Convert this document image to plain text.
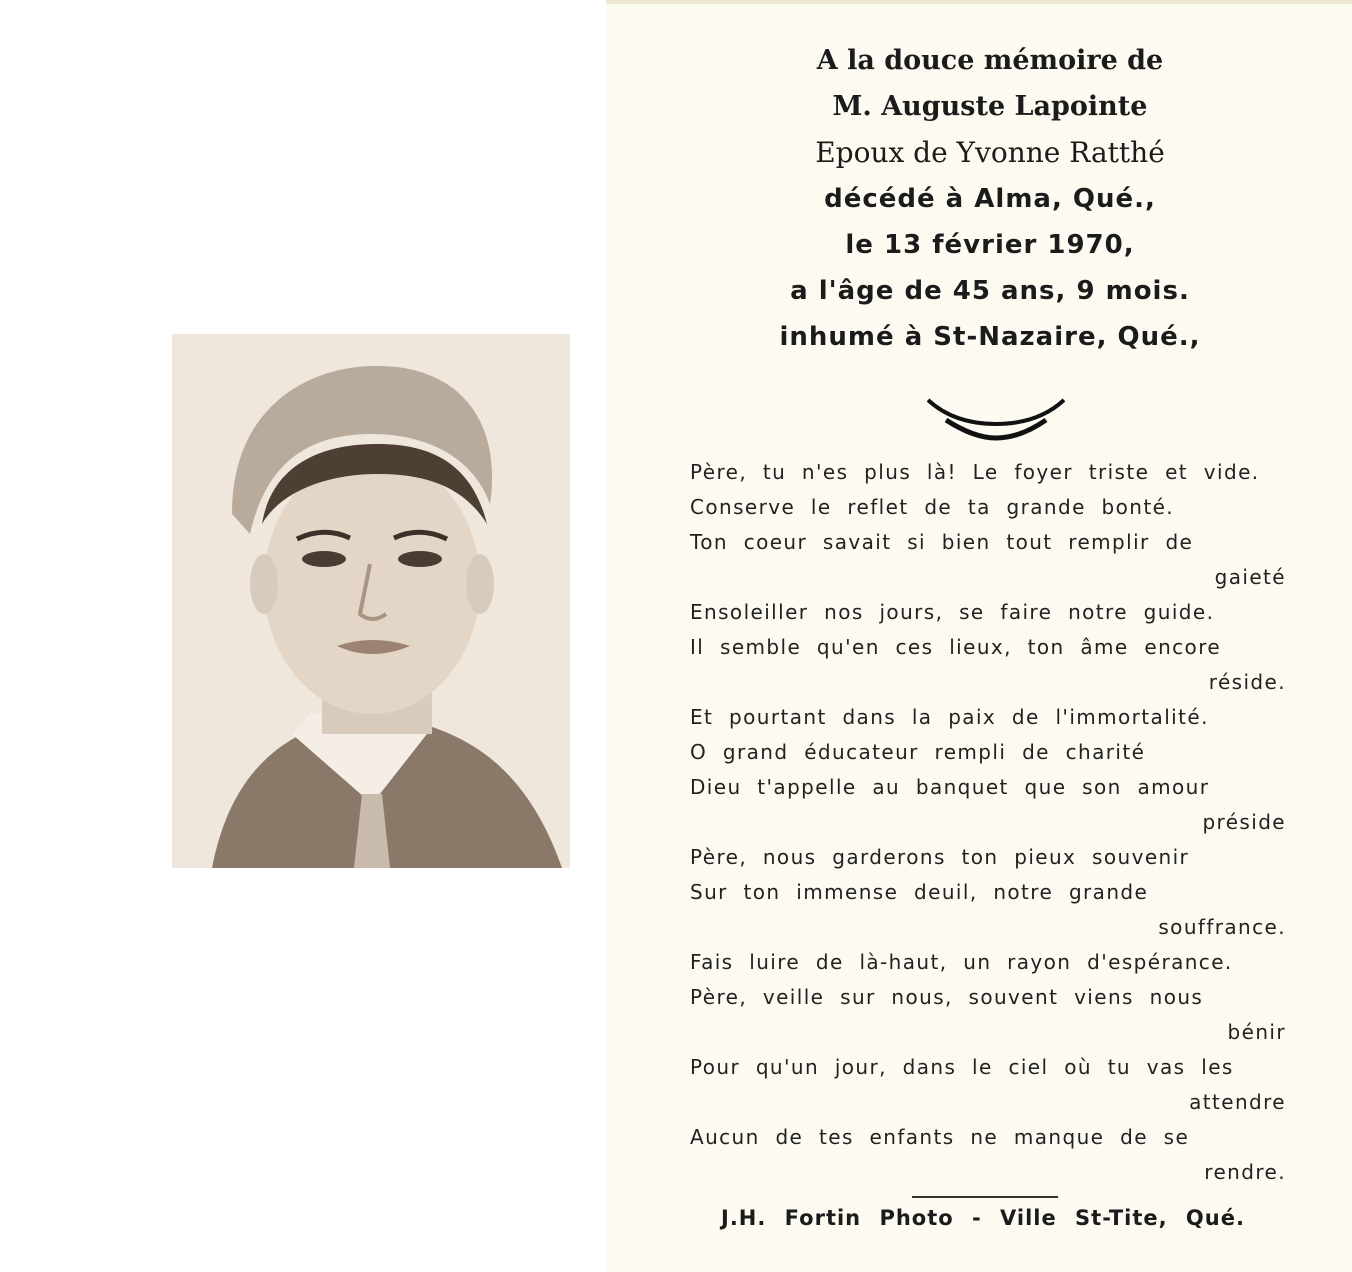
A la douce mémoire de
M. Auguste Lapointe
Epoux de Yvonne Ratthé
décédé à Alma, Qué.,
le 13 février 1970,
a l'âge de 45 ans, 9 mois.
inhumé à St-Nazaire, Qué.,
Père, tu n'es plus là! Le foyer triste et vide.
Conserve le reflet de ta grande bonté.
Ton coeur savait si bien tout remplir de
gaieté
Ensoleiller nos jours, se faire notre guide.
Il semble qu'en ces lieux, ton âme encore
réside.
Et pourtant dans la paix de l'immortalité.
O grand éducateur rempli de charité
Dieu t'appelle au banquet que son amour
préside
Père, nous garderons ton pieux souvenir
Sur ton immense deuil, notre grande
souffrance.
Fais luire de là-haut, un rayon d'espérance.
Père, veille sur nous, souvent viens nous
bénir
Pour qu'un jour, dans le ciel où tu vas les
attendre
Aucun de tes enfants ne manque de se
rendre.
J.H. Fortin Photo - Ville St-Tite, Qué.
